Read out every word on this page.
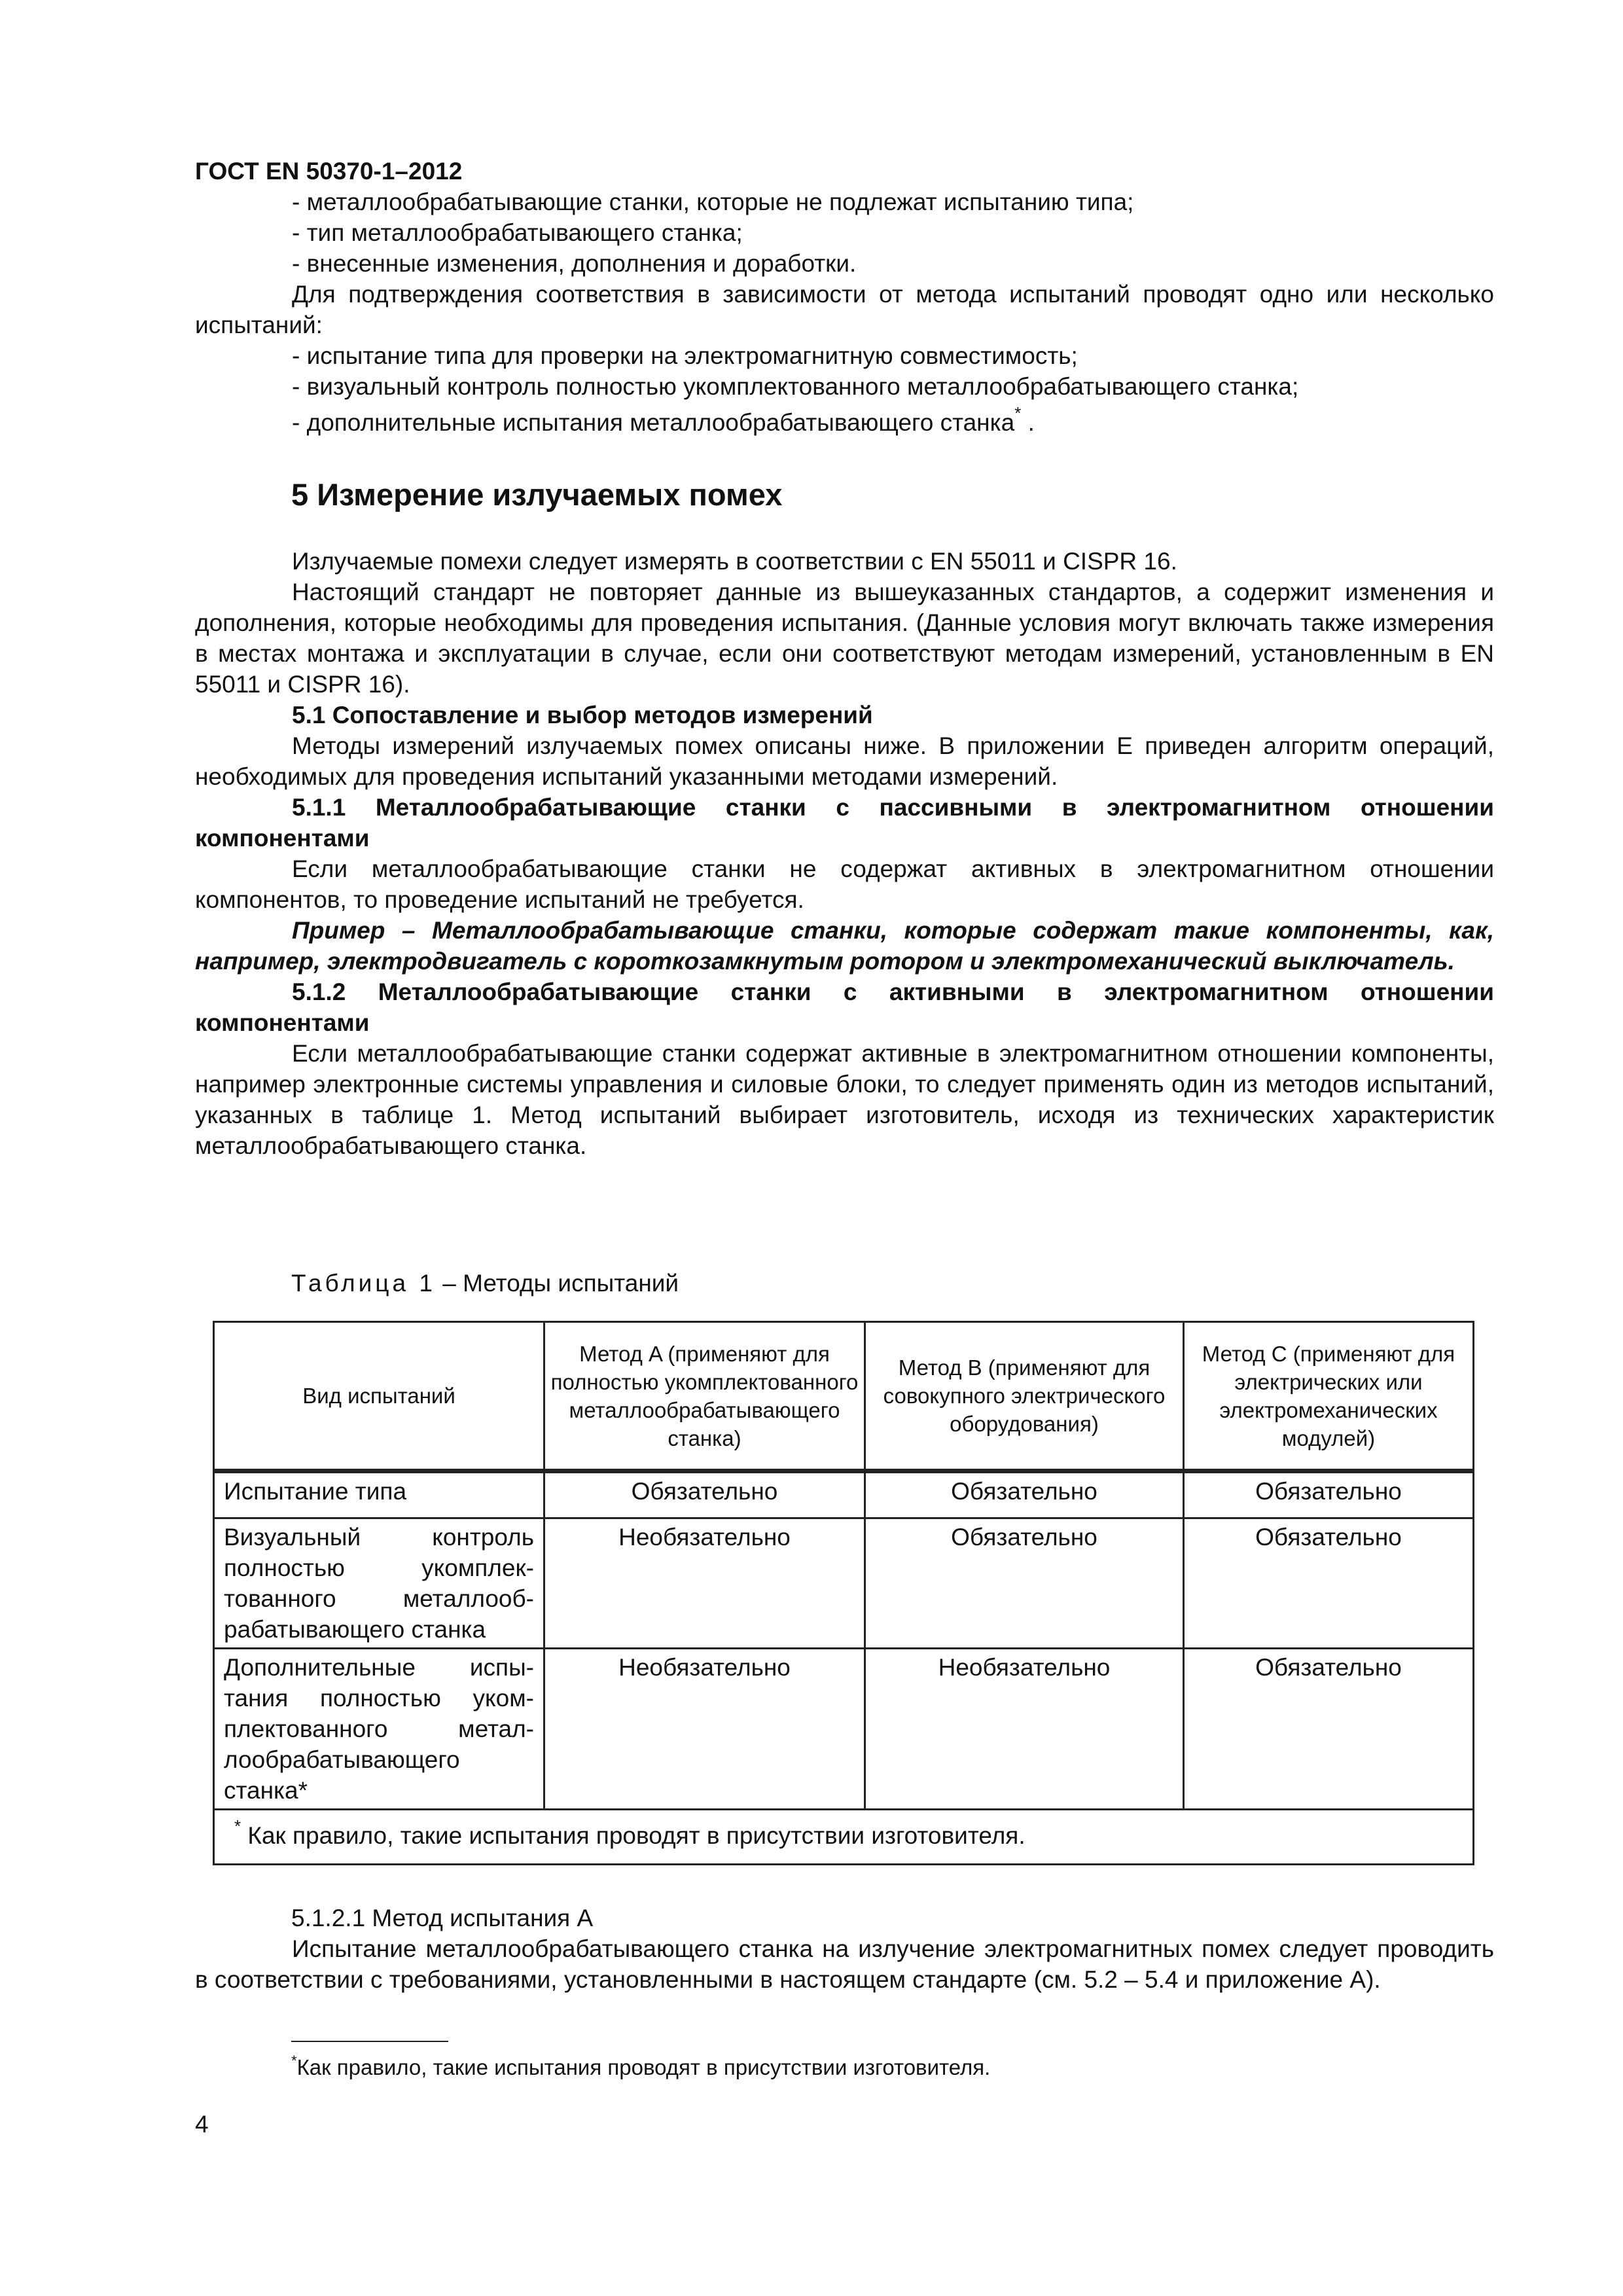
ГОСТ EN 50370-1–2012

- металлообрабатывающие станки, которые не подлежат испытанию типа;

- тип металлообрабатывающего станка;

- внесенные изменения, дополнения и доработки.

Для подтверждения соответствия в зависимости от метода испытаний проводят одно или несколько испытаний:

- испытание типа для проверки на электромагнитную совместимость;

- визуальный контроль полностью укомплектованного металлообрабатывающего станка;

- дополнительные испытания металлообрабатывающего станка* .

5 Измерение излучаемых помех

Излучаемые помехи следует измерять в соответствии с EN 55011 и CISPR 16.

Настоящий стандарт не повторяет данные из вышеуказанных стандартов, а содержит изменения и дополнения, которые необходимы для проведения испытания. (Данные условия могут включать также измерения в местах монтажа и эксплуатации в случае, если они соответствуют методам измерений, установленным в EN 55011 и CISPR 16).

5.1 Сопоставление и выбор методов измерений

Методы измерений излучаемых помех описаны ниже. В приложении Е приведен алгоритм операций, необходимых для проведения испытаний указанными методами измерений.

5.1.1 Металлообрабатывающие станки с пассивными в электромагнитном отношении компонентами

Если металлообрабатывающие станки не содержат активных в электромагнитном отношении компонентов, то проведение испытаний не требуется.

Пример – Металлообрабатывающие станки, которые содержат такие компоненты, как, например, электродвигатель с короткозамкнутым ротором и электромеханический выключатель.

5.1.2 Металлообрабатывающие станки с активными в электромагнитном отношении компонентами

Если металлообрабатывающие станки содержат активные в электромагнитном отношении компоненты, например электронные системы управления и силовые блоки, то следует применять один из методов испытаний, указанных в таблице 1. Метод испытаний выбирает изготовитель, исходя из технических характеристик металлообрабатывающего станка.

Таблица 1 – Методы испытаний
Вид испытаний	Метод A (применяют для полностью укомплектованного металлообрабатывающего станка)	Метод B (применяют для совокупного электрического оборудования)	Метод C (применяют для электрических или электромеханических модулей)
Испытание типа	Обязательно	Обязательно	Обязательно
Визуальный контроль полностью укомплектованного металлообрабатывающего станка	Необязательно	Обязательно	Обязательно
Дополнительные испытания полностью укомплектованного металлообрабатывающего станка*	Необязательно	Необязательно	Обязательно
* Как правило, такие испытания проводят в присутствии изготовителя.			
5.1.2.1 Метод испытания A

Испытание металлообрабатывающего станка на излучение электромагнитных помех следует проводить в соответствии с требованиями, установленными в настоящем стандарте (см. 5.2 – 5.4 и приложение A).

*Как правило, такие испытания проводят в присутствии изготовителя.
4
